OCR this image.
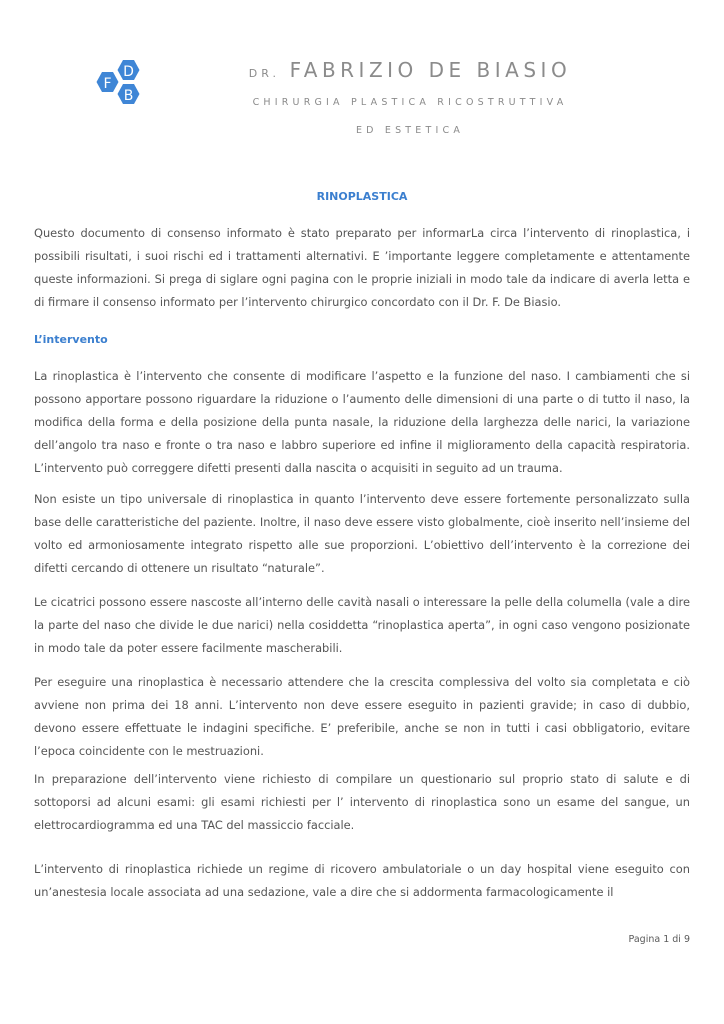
F
D
B
DR. FABRIZIO DE BIASIO
CHIRURGIA PLASTICA RICOSTRUTTIVA
ED ESTETICA
RINOPLASTICA

Questo documento di consenso informato è stato preparato per informarLa circa l’intervento di rinoplastica, i possibili risultati, i suoi rischi ed i trattamenti alternativi. E ’importante leggere completamente e attentamente queste informazioni. Si prega di siglare ogni pagina con le proprie iniziali in modo tale da indicare di averla letta e di firmare il consenso informato per l’intervento chirurgico concordato con il Dr. F. De Biasio.

L’intervento

La rinoplastica è l’intervento che consente di modificare l’aspetto e la funzione del naso. I cambiamenti che si possono apportare possono riguardare la riduzione o l’aumento delle dimensioni di una parte o di tutto il naso, la modifica della forma e della posizione della punta nasale, la riduzione della larghezza delle narici, la variazione dell’angolo tra naso e fronte o tra naso e labbro superiore ed infine il miglioramento della capacità respiratoria. L’intervento può correggere difetti presenti dalla nascita o acquisiti in seguito ad un trauma.

Non esiste un tipo universale di rinoplastica in quanto l’intervento deve essere fortemente personalizzato sulla base delle caratteristiche del paziente. Inoltre, il naso deve essere visto globalmente, cioè inserito nell’insieme del volto ed armoniosamente integrato rispetto alle sue proporzioni. L’obiettivo dell’intervento è la correzione dei difetti cercando di ottenere un risultato “naturale”.

Le cicatrici possono essere nascoste all’interno delle cavità nasali o interessare la pelle della columella (vale a dire la parte del naso che divide le due narici) nella cosiddetta “rinoplastica aperta”, in ogni caso vengono posizionate in modo tale da poter essere facilmente mascherabili.

Per eseguire una rinoplastica è necessario attendere che la crescita complessiva del volto sia completata e ciò avviene non prima dei 18 anni. L’intervento non deve essere eseguito in pazienti gravide; in caso di dubbio, devono essere effettuate le indagini specifiche. E’ preferibile, anche se non in tutti i casi obbligatorio, evitare l’epoca coincidente con le mestruazioni.

In preparazione dell’intervento viene richiesto di compilare un questionario sul proprio stato di salute e di sottoporsi ad alcuni esami: gli esami richiesti per l’ intervento di rinoplastica sono un esame del sangue, un elettrocardiogramma ed una TAC del massiccio facciale.

L’intervento di rinoplastica richiede un regime di ricovero ambulatoriale o un day hospital viene eseguito con un’anestesia locale associata ad una sedazione, vale a dire che si addormenta farmacologicamente il

Pagina 1 di 9
